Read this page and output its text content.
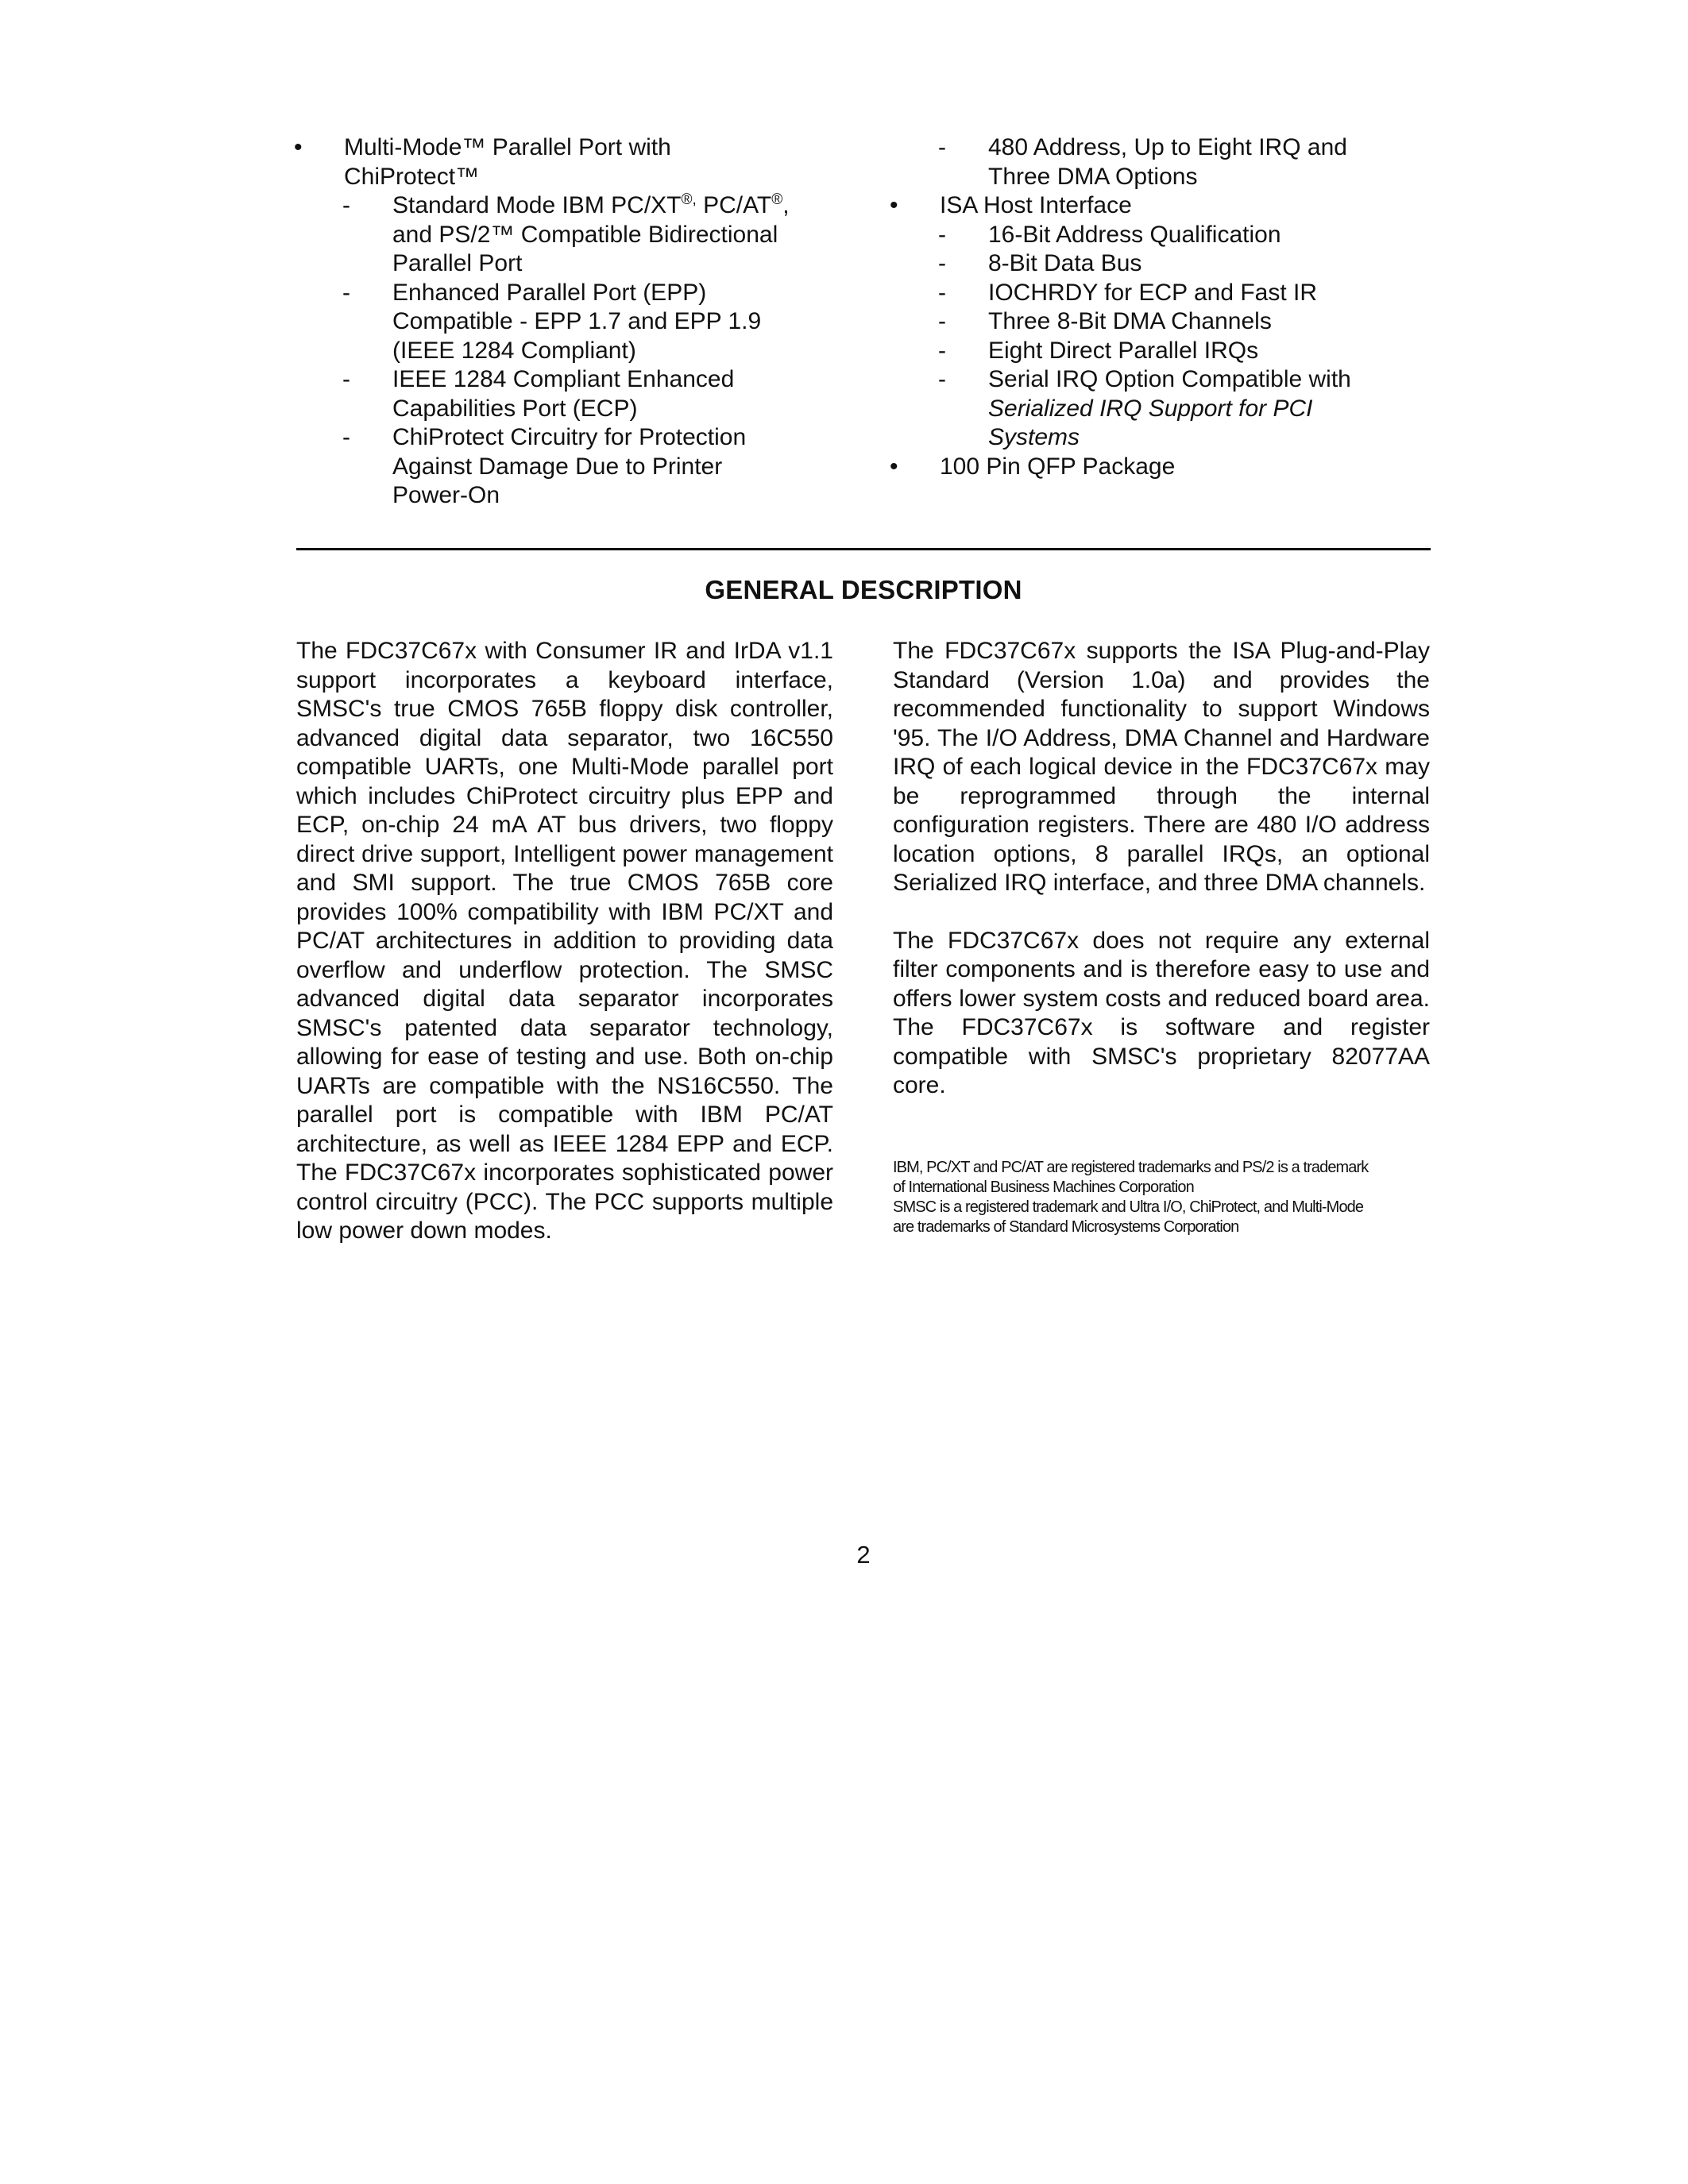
• Multi-Mode™ Parallel Port with
ChiProtect™
- Standard Mode IBM PC/XT®, PC/AT®,
and PS/2™ Compatible Bidirectional
Parallel Port
- Enhanced Parallel Port (EPP)
Compatible - EPP 1.7 and EPP 1.9
(IEEE 1284 Compliant)
- IEEE 1284 Compliant Enhanced
Capabilities Port (ECP)
- ChiProtect Circuitry for Protection
Against Damage Due to Printer
Power-On
- 480 Address, Up to Eight IRQ and
Three DMA Options
• ISA Host Interface
- 16-Bit Address Qualification
- 8-Bit Data Bus
- IOCHRDY for ECP and Fast IR
- Three 8-Bit DMA Channels
- Eight Direct Parallel IRQs
- Serial IRQ Option Compatible with
Serialized IRQ Support for PCI
Systems
• 100 Pin QFP Package
GENERAL DESCRIPTION

The FDC37C67x with Consumer IR and IrDA v1.1 support incorporates a keyboard interface, SMSC's true CMOS 765B floppy disk controller, advanced digital data separator, two 16C550 compatible UARTs, one Multi-Mode parallel port which includes ChiProtect circuitry plus EPP and ECP, on-chip 24 mA AT bus drivers, two floppy direct drive support, Intelligent power management and SMI support. The true CMOS 765B core provides 100% compatibility with IBM PC/XT and PC/AT architectures in addition to providing data overflow and underflow protection. The SMSC advanced digital data separator incorporates SMSC's patented data separator technology, allowing for ease of testing and use. Both on-chip UARTs are compatible with the NS16C550. The parallel port is compatible with IBM PC/AT architecture, as well as IEEE 1284 EPP and ECP. The FDC37C67x incorporates sophisticated power control circuitry (PCC). The PCC supports multiple low power down modes.

The FDC37C67x supports the ISA Plug-and-Play Standard (Version 1.0a) and provides the recommended functionality to support Windows '95. The I/O Address, DMA Channel and Hardware IRQ of each logical device in the FDC37C67x may be reprogrammed through the internal configuration registers. There are 480 I/O address location options, 8 parallel IRQs, an optional Serialized IRQ interface, and three DMA channels.

The FDC37C67x does not require any external filter components and is therefore easy to use and offers lower system costs and reduced board area. The FDC37C67x is software and register compatible with SMSC's proprietary 82077AA core.

IBM, PC/XT and PC/AT are registered trademarks and PS/2 is a trademark

of International Business Machines Corporation

SMSC is a registered trademark and Ultra I/O, ChiProtect, and Multi-Mode

are trademarks of Standard Microsystems Corporation

2
